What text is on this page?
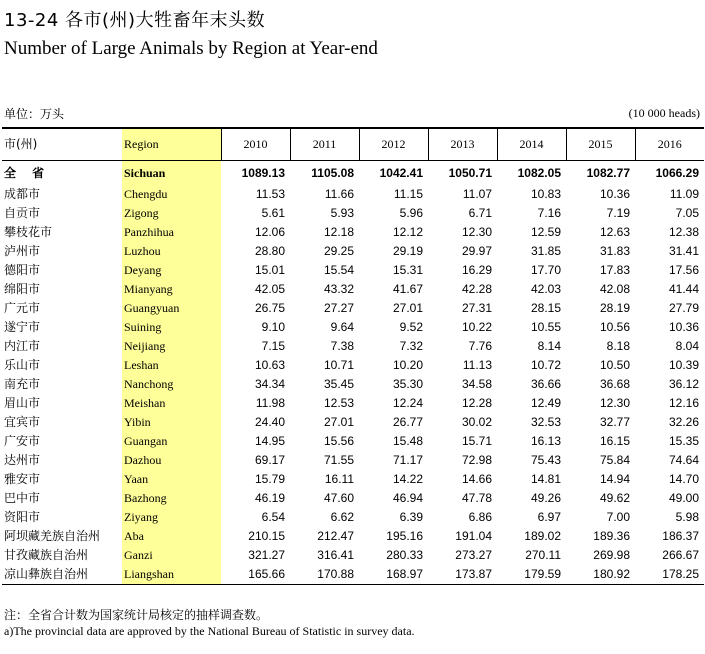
13-24 各市(州)大牲畜年末头数
Number of Large Animals by Region at Year-end
单位：万头	(10 000 heads)
市(州)	Region	2010	2011	2012	2013	2014	2015	2016
全 省	Sichuan	1089.13	1105.08	1042.41	1050.71	1082.05	1082.77	1066.29
成都市	Chengdu	11.53	11.66	11.15	11.07	10.83	10.36	11.09
自贡市	Zigong	5.61	5.93	5.96	6.71	7.16	7.19	7.05
攀枝花市	Panzhihua	12.06	12.18	12.12	12.30	12.59	12.63	12.38
泸州市	Luzhou	28.80	29.25	29.19	29.97	31.85	31.83	31.41
德阳市	Deyang	15.01	15.54	15.31	16.29	17.70	17.83	17.56
绵阳市	Mianyang	42.05	43.32	41.67	42.28	42.03	42.08	41.44
广元市	Guangyuan	26.75	27.27	27.01	27.31	28.15	28.19	27.79
遂宁市	Suining	9.10	9.64	9.52	10.22	10.55	10.56	10.36
内江市	Neijiang	7.15	7.38	7.32	7.76	8.14	8.18	8.04
乐山市	Leshan	10.63	10.71	10.20	11.13	10.72	10.50	10.39
南充市	Nanchong	34.34	35.45	35.30	34.58	36.66	36.68	36.12
眉山市	Meishan	11.98	12.53	12.24	12.28	12.49	12.30	12.16
宜宾市	Yibin	24.40	27.01	26.77	30.02	32.53	32.77	32.26
广安市	Guangan	14.95	15.56	15.48	15.71	16.13	16.15	15.35
达州市	Dazhou	69.17	71.55	71.17	72.98	75.43	75.84	74.64
雅安市	Yaan	15.79	16.11	14.22	14.66	14.81	14.94	14.70
巴中市	Bazhong	46.19	47.60	46.94	47.78	49.26	49.62	49.00
资阳市	Ziyang	6.54	6.62	6.39	6.86	6.97	7.00	5.98
阿坝藏羌族自治州	Aba	210.15	212.47	195.16	191.04	189.02	189.36	186.37
甘孜藏族自治州	Ganzi	321.27	316.41	280.33	273.27	270.11	269.98	266.67
凉山彝族自治州	Liangshan	165.66	170.88	168.97	173.87	179.59	180.92	178.25
注：全省合计数为国家统计局核定的抽样调查数。
a)The provincial data are approved by the National Bureau of Statistic in survey data.
